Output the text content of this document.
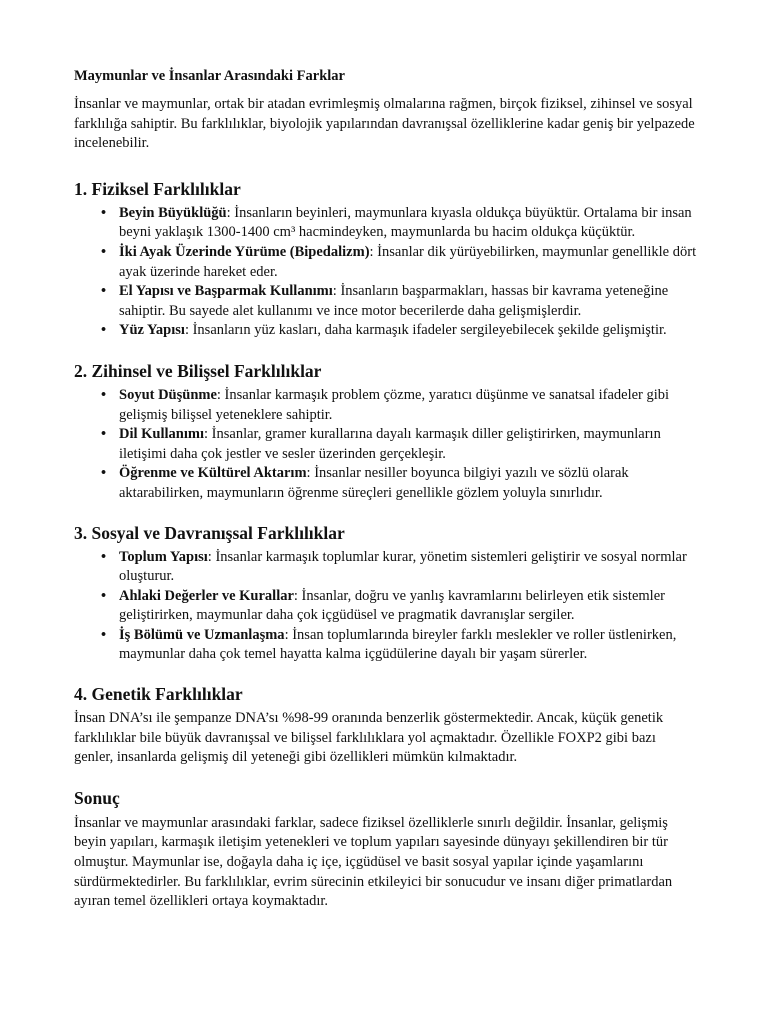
Maymunlar ve İnsanlar Arasındaki Farklar

İnsanlar ve maymunlar, ortak bir atadan evrimleşmiş olmalarına rağmen, birçok fiziksel, zihinsel ve sosyal farklılığa sahiptir. Bu farklılıklar, biyolojik yapılarından davranışsal özelliklerine kadar geniş bir yelpazede incelenebilir.

1. Fiziksel Farklılıklar
• Beyin Büyüklüğü: İnsanların beyinleri, maymunlara kıyasla oldukça büyüktür. Ortalama bir insan beyni yaklaşık 1300-1400 cm³ hacmindeyken, maymunlarda bu hacim oldukça küçüktür.
• İki Ayak Üzerinde Yürüme (Bipedalizm): İnsanlar dik yürüyebilirken, maymunlar genellikle dört ayak üzerinde hareket eder.
• El Yapısı ve Başparmak Kullanımı: İnsanların başparmakları, hassas bir kavrama yeteneğine sahiptir. Bu sayede alet kullanımı ve ince motor becerilerde daha gelişmişlerdir.
• Yüz Yapısı: İnsanların yüz kasları, daha karmaşık ifadeler sergileyebilecek şekilde gelişmiştir.
2. Zihinsel ve Bilişsel Farklılıklar
• Soyut Düşünme: İnsanlar karmaşık problem çözme, yaratıcı düşünme ve sanatsal ifadeler gibi gelişmiş bilişsel yeteneklere sahiptir.
• Dil Kullanımı: İnsanlar, gramer kurallarına dayalı karmaşık diller geliştirirken, maymunların iletişimi daha çok jestler ve sesler üzerinden gerçekleşir.
• Öğrenme ve Kültürel Aktarım: İnsanlar nesiller boyunca bilgiyi yazılı ve sözlü olarak aktarabilirken, maymunların öğrenme süreçleri genellikle gözlem yoluyla sınırlıdır.
3. Sosyal ve Davranışsal Farklılıklar
• Toplum Yapısı: İnsanlar karmaşık toplumlar kurar, yönetim sistemleri geliştirir ve sosyal normlar oluşturur.
• Ahlaki Değerler ve Kurallar: İnsanlar, doğru ve yanlış kavramlarını belirleyen etik sistemler geliştirirken, maymunlar daha çok içgüdüsel ve pragmatik davranışlar sergiler.
• İş Bölümü ve Uzmanlaşma: İnsan toplumlarında bireyler farklı meslekler ve roller üstlenirken, maymunlar daha çok temel hayatta kalma içgüdülerine dayalı bir yaşam sürerler.
4. Genetik Farklılıklar

İnsan DNA’sı ile şempanze DNA’sı %98-99 oranında benzerlik göstermektedir. Ancak, küçük genetik farklılıklar bile büyük davranışsal ve bilişsel farklılıklara yol açmaktadır. Özellikle FOXP2 gibi bazı genler, insanlarda gelişmiş dil yeteneği gibi özellikleri mümkün kılmaktadır.

Sonuç

İnsanlar ve maymunlar arasındaki farklar, sadece fiziksel özelliklerle sınırlı değildir. İnsanlar, gelişmiş beyin yapıları, karmaşık iletişim yetenekleri ve toplum yapıları sayesinde dünyayı şekillendiren bir tür olmuştur. Maymunlar ise, doğayla daha iç içe, içgüdüsel ve basit sosyal yapılar içinde yaşamlarını sürdürmektedirler. Bu farklılıklar, evrim sürecinin etkileyici bir sonucudur ve insanı diğer primatlardan ayıran temel özellikleri ortaya koymaktadır.
